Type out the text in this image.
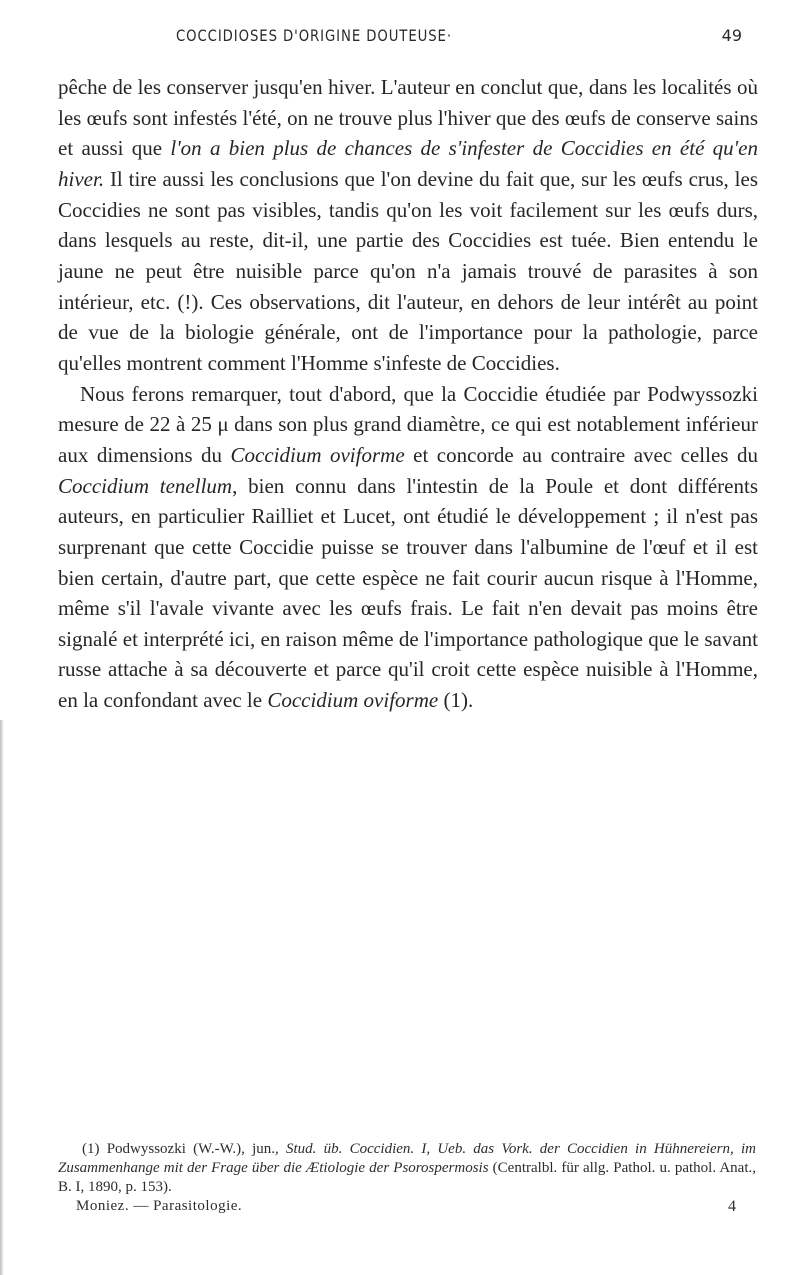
COCCIDIOSES D'ORIGINE DOUTEUSE·	49

pêche de les conserver jusqu'en hiver. L'auteur en conclut que, dans les localités où les œufs sont infestés l'été, on ne trouve plus l'hiver que des œufs de conserve sains et aussi que l'on a bien plus de chances de s'infester de Coccidies en été qu'en hiver. Il tire aussi les conclusions que l'on devine du fait que, sur les œufs crus, les Coccidies ne sont pas visibles, tandis qu'on les voit facilement sur les œufs durs, dans lesquels au reste, dit-il, une partie des Coccidies est tuée. Bien entendu le jaune ne peut être nuisible parce qu'on n'a jamais trouvé de parasites à son intérieur, etc. (!). Ces observations, dit l'auteur, en dehors de leur intérêt au point de vue de la biologie générale, ont de l'importance pour la pathologie, parce qu'elles montrent comment l'Homme s'infeste de Coccidies.

Nous ferons remarquer, tout d'abord, que la Coccidie étudiée par Podwyssozki mesure de 22 à 25 μ dans son plus grand diamètre, ce qui est notablement inférieur aux dimensions du Coccidium oviforme et concorde au contraire avec celles du Coccidium tenellum, bien connu dans l'intestin de la Poule et dont différents auteurs, en particulier Railliet et Lucet, ont étudié le développement ; il n'est pas surprenant que cette Coccidie puisse se trouver dans l'albumine de l'œuf et il est bien certain, d'autre part, que cette espèce ne fait courir aucun risque à l'Homme, même s'il l'avale vivante avec les œufs frais. Le fait n'en devait pas moins être signalé et interprété ici, en raison même de l'importance pathologique que le savant russe attache à sa découverte et parce qu'il croit cette espèce nuisible à l'Homme, en la confondant avec le Coccidium oviforme (1).

(1) Podwyssozki (W.-W.), jun., Stud. üb. Coccidien. I, Ueb. das Vork. der Coccidien in Hühnereiern, im Zusammenhange mit der Frage über die Ætiologie der Psorospermosis (Centralbl. für allg. Pathol. u. pathol. Anat., B. I, 1890, p. 153).

Moniez. — Parasitologie.	4
